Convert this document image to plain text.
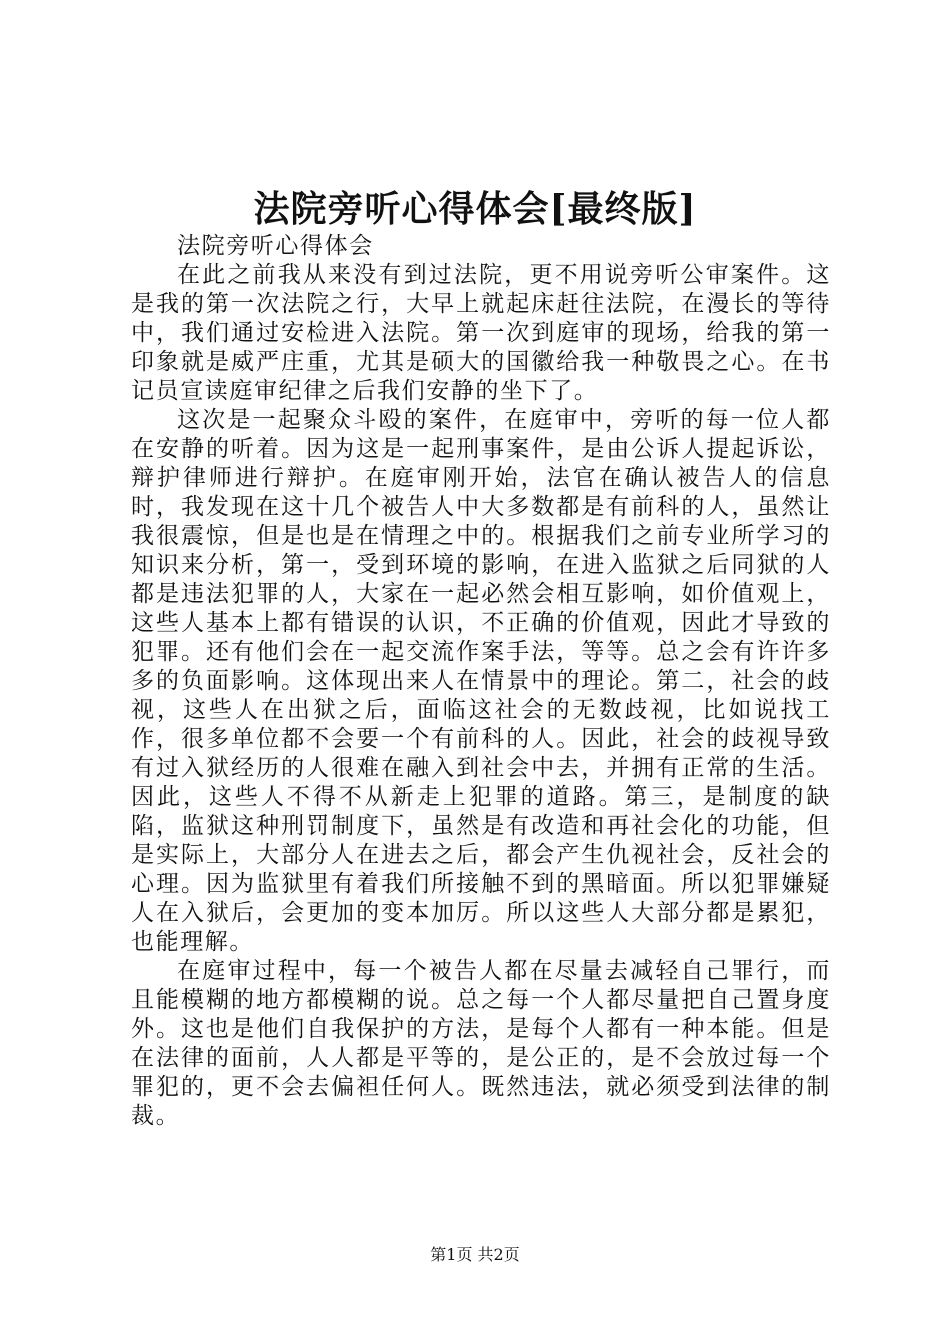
法院旁听心得体会[最终版]

法院旁听心得体会

在此之前我从来没有到过法院，更不用说旁听公审案件。这是我的第一次法院之行，大早上就起床赶往法院，在漫长的等待中，我们通过安检进入法院。第一次到庭审的现场，给我的第一印象就是威严庄重，尤其是硕大的国徽给我一种敬畏之心。在书记员宣读庭审纪律之后我们安静的坐下了。

这次是一起聚众斗殴的案件，在庭审中，旁听的每一位人都在安静的听着。因为这是一起刑事案件，是由公诉人提起诉讼，辩护律师进行辩护。在庭审刚开始，法官在确认被告人的信息时，我发现在这十几个被告人中大多数都是有前科的人，虽然让我很震惊，但是也是在情理之中的。根据我们之前专业所学习的知识来分析，第一，受到环境的影响，在进入监狱之后同狱的人都是违法犯罪的人，大家在一起必然会相互影响，如价值观上，这些人基本上都有错误的认识，不正确的价值观，因此才导致的犯罪。还有他们会在一起交流作案手法，等等。总之会有许许多多的负面影响。这体现出来人在情景中的理论。第二，社会的歧视，这些人在出狱之后，面临这社会的无数歧视，比如说找工作，很多单位都不会要一个有前科的人。因此，社会的歧视导致有过入狱经历的人很难在融入到社会中去，并拥有正常的生活。因此，这些人不得不从新走上犯罪的道路。第三，是制度的缺陷，监狱这种刑罚制度下，虽然是有改造和再社会化的功能，但是实际上，大部分人在进去之后，都会产生仇视社会，反社会的心理。因为监狱里有着我们所接触不到的黑暗面。所以犯罪嫌疑人在入狱后，会更加的变本加厉。所以这些人大部分都是累犯，也能理解。

在庭审过程中，每一个被告人都在尽量去减轻自己罪行，而且能模糊的地方都模糊的说。总之每一个人都尽量把自己置身度外。这也是他们自我保护的方法，是每个人都有一种本能。但是在法律的面前，人人都是平等的，是公正的，是不会放过每一个罪犯的，更不会去偏袒任何人。既然违法，就必须受到法律的制裁。

第1页 共2页
